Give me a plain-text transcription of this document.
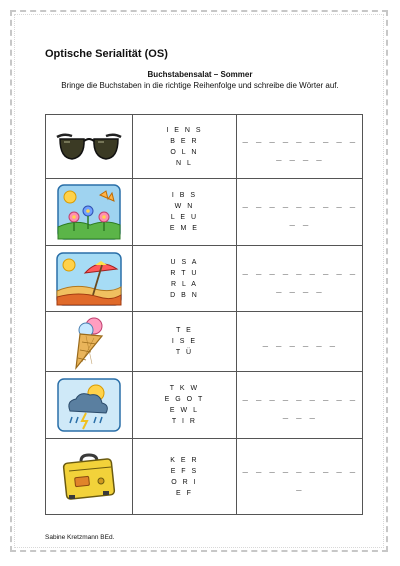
Optische Serialität (OS)
Buchstabensalat – Sommer
Bringe die Buchstaben in die richtige Reihenfolge und schreibe die Wörter auf.

I E N S
B E R
O L N
N L	_ _ _ _ _ _ _ _ _ _ _ _ _

I B S
W N
L E U
E M E	_ _ _ _ _ _ _ _ _ _ _

U S A
R T U
R L A
D B N	_ _ _ _ _ _ _ _ _ _ _ _ _

T E
I S E
T Ü	_ _ _ _ _ _

T K W
E G O T
E W L
T I R	_ _ _ _ _ _ _ _ _ _ _ _

K E R
E F S
O R I
E F	_ _ _ _ _ _ _ _ _ _
Sabine Kretzmann BEd.
